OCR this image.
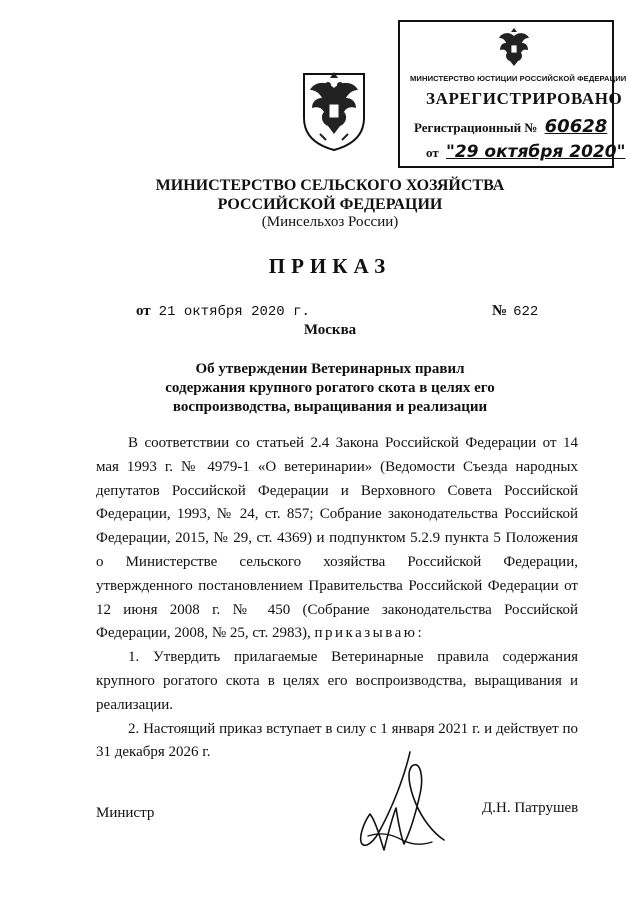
МИНИСТЕРСТВО ЮСТИЦИИ РОССИЙСКОЙ ФЕДЕРАЦИИ
ЗАРЕГИСТРИРОВАНО
Регистрационный № 60628
от "29 октября 2020"
МИНИСТЕРСТВО СЕЛЬСКОГО ХОЗЯЙСТВА
РОССИЙСКОЙ ФЕДЕРАЦИИ
(Минсельхоз России)
ПРИКАЗ
от 21 октября 2020 г.	№ 622
Москва
Об утверждении Ветеринарных правил
содержания крупного рогатого скота в целях его
воспроизводства, выращивания и реализации

В соответствии со статьей 2.4 Закона Российской Федерации от 14 мая 1993 г. № 4979-1 «О ветеринарии» (Ведомости Съезда народных депутатов Российской Федерации и Верховного Совета Российской Федерации, 1993, № 24, ст. 857; Собрание законодательства Российской Федерации, 2015, № 29, ст. 4369) и подпунктом 5.2.9 пункта 5 Положения о Министерстве сельского хозяйства Российской Федерации, утвержденного постановлением Правительства Российской Федерации от 12 июня 2008 г. № 450 (Собрание законодательства Российской Федерации, 2008, № 25, ст. 2983), приказываю:

1. Утвердить прилагаемые Ветеринарные правила содержания крупного рогатого скота в целях его воспроизводства, выращивания и реализации.

2. Настоящий приказ вступает в силу с 1 января 2021 г. и действует по 31 декабря 2026 г.

Министр	Д.Н. Патрушев
